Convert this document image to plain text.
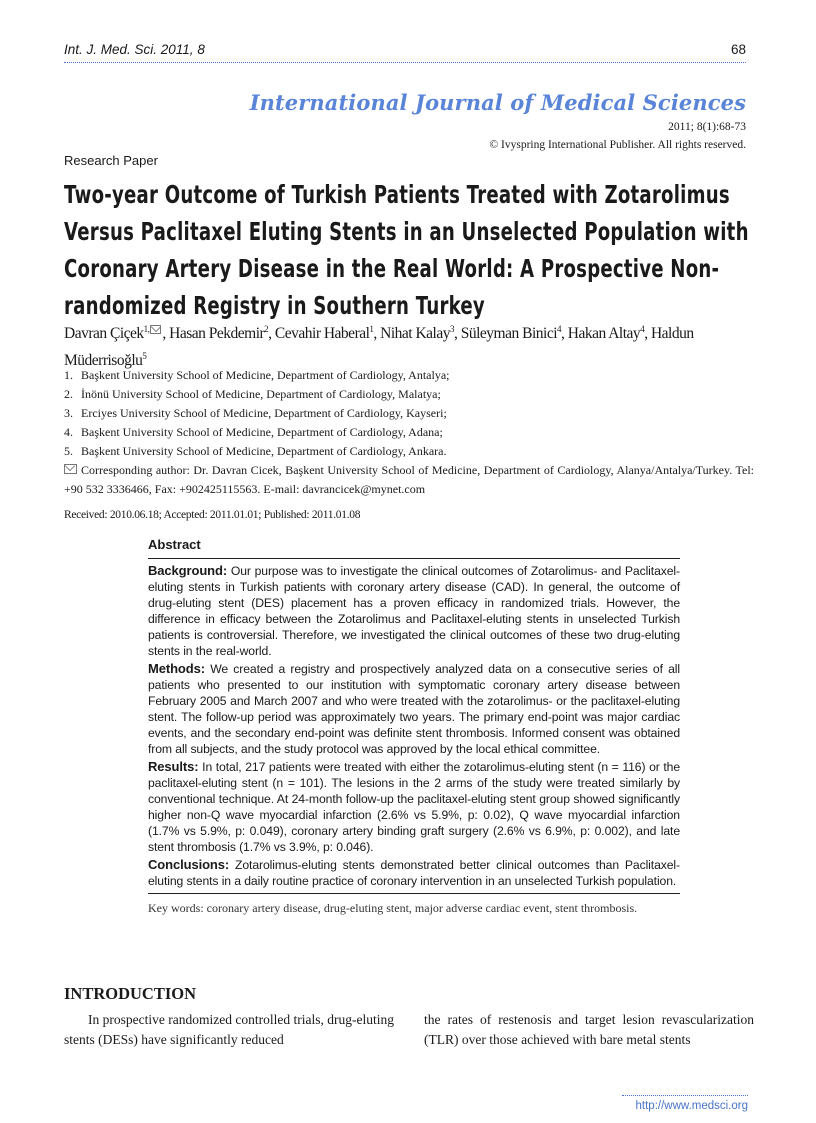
Int. J. Med. Sci. 2011, 8	68
International Journal of Medical Sciences
2011; 8(1):68-73
© Ivyspring International Publisher. All rights reserved.
Research Paper
Two-year Outcome of Turkish Patients Treated with Zotarolimus Versus Paclitaxel Eluting Stents in an Unselected Population with Coronary Artery Disease in the Real World: A Prospective Non-randomized Registry in Southern Turkey
Davran Çiçek$^{1,}$ , Hasan Pekdemir$^2$, Cevahir Haberal$^1$, Nihat Kalay$^3$, Süleyman Binici$^4$, Hakan Altay$^4$, Haldun Müderrisoğlu$^5$
1. Başkent University School of Medicine, Department of Cardiology, Antalya;
2. İnönü University School of Medicine, Department of Cardiology, Malatya;
3. Erciyes University School of Medicine, Department of Cardiology, Kayseri;
4. Başkent University School of Medicine, Department of Cardiology, Adana;
5. Başkent University School of Medicine, Department of Cardiology, Ankara.
Corresponding author: Dr. Davran Cicek, Başkent University School of Medicine, Department of Cardiology, Alanya/Antalya/Turkey. Tel: +90 532 3336466, Fax: +902425115563. E-mail: davrancicek@mynet.com
Received: 2010.06.18; Accepted: 2011.01.01; Published: 2011.01.08
Abstract
Background: Our purpose was to investigate the clinical outcomes of Zotarolimus- and Paclitaxel-eluting stents in Turkish patients with coronary artery disease (CAD). In general, the outcome of drug-eluting stent (DES) placement has a proven efficacy in randomized trials. However, the difference in efficacy between the Zotarolimus and Paclitaxel-eluting stents in unselected Turkish patients is controversial. Therefore, we investigated the clinical outcomes of these two drug-eluting stents in the real-world.
Methods: We created a registry and prospectively analyzed data on a consecutive series of all patients who presented to our institution with symptomatic coronary artery disease between February 2005 and March 2007 and who were treated with the zotarolimus- or the paclitaxel-eluting stent. The follow-up period was approximately two years. The primary end-point was major cardiac events, and the secondary end-point was definite stent thrombosis. Informed consent was obtained from all subjects, and the study protocol was approved by the local ethical committee.
Results: In total, 217 patients were treated with either the zotarolimus-eluting stent (n = 116) or the paclitaxel-eluting stent (n = 101). The lesions in the 2 arms of the study were treated similarly by conventional technique. At 24-month follow-up the paclitaxel-eluting stent group showed significantly higher non-Q wave myocardial infarction (2.6% vs 5.9%, p: 0.02), Q wave myocardial infarction (1.7% vs 5.9%, p: 0.049), coronary artery binding graft surgery (2.6% vs 6.9%, p: 0.002), and late stent thrombosis (1.7% vs 3.9%, p: 0.046).
Conclusions: Zotarolimus-eluting stents demonstrated better clinical outcomes than Paclitaxel-eluting stents in a daily routine practice of coronary intervention in an unselected Turkish population.
Key words: coronary artery disease, drug-eluting stent, major adverse cardiac event, stent thrombosis.
INTRODUCTION
In prospective randomized controlled trials, drug-eluting stents (DESs) have significantly reduced
the rates of restenosis and target lesion revascularization (TLR) over those achieved with bare metal stents
http://www.medsci.org
